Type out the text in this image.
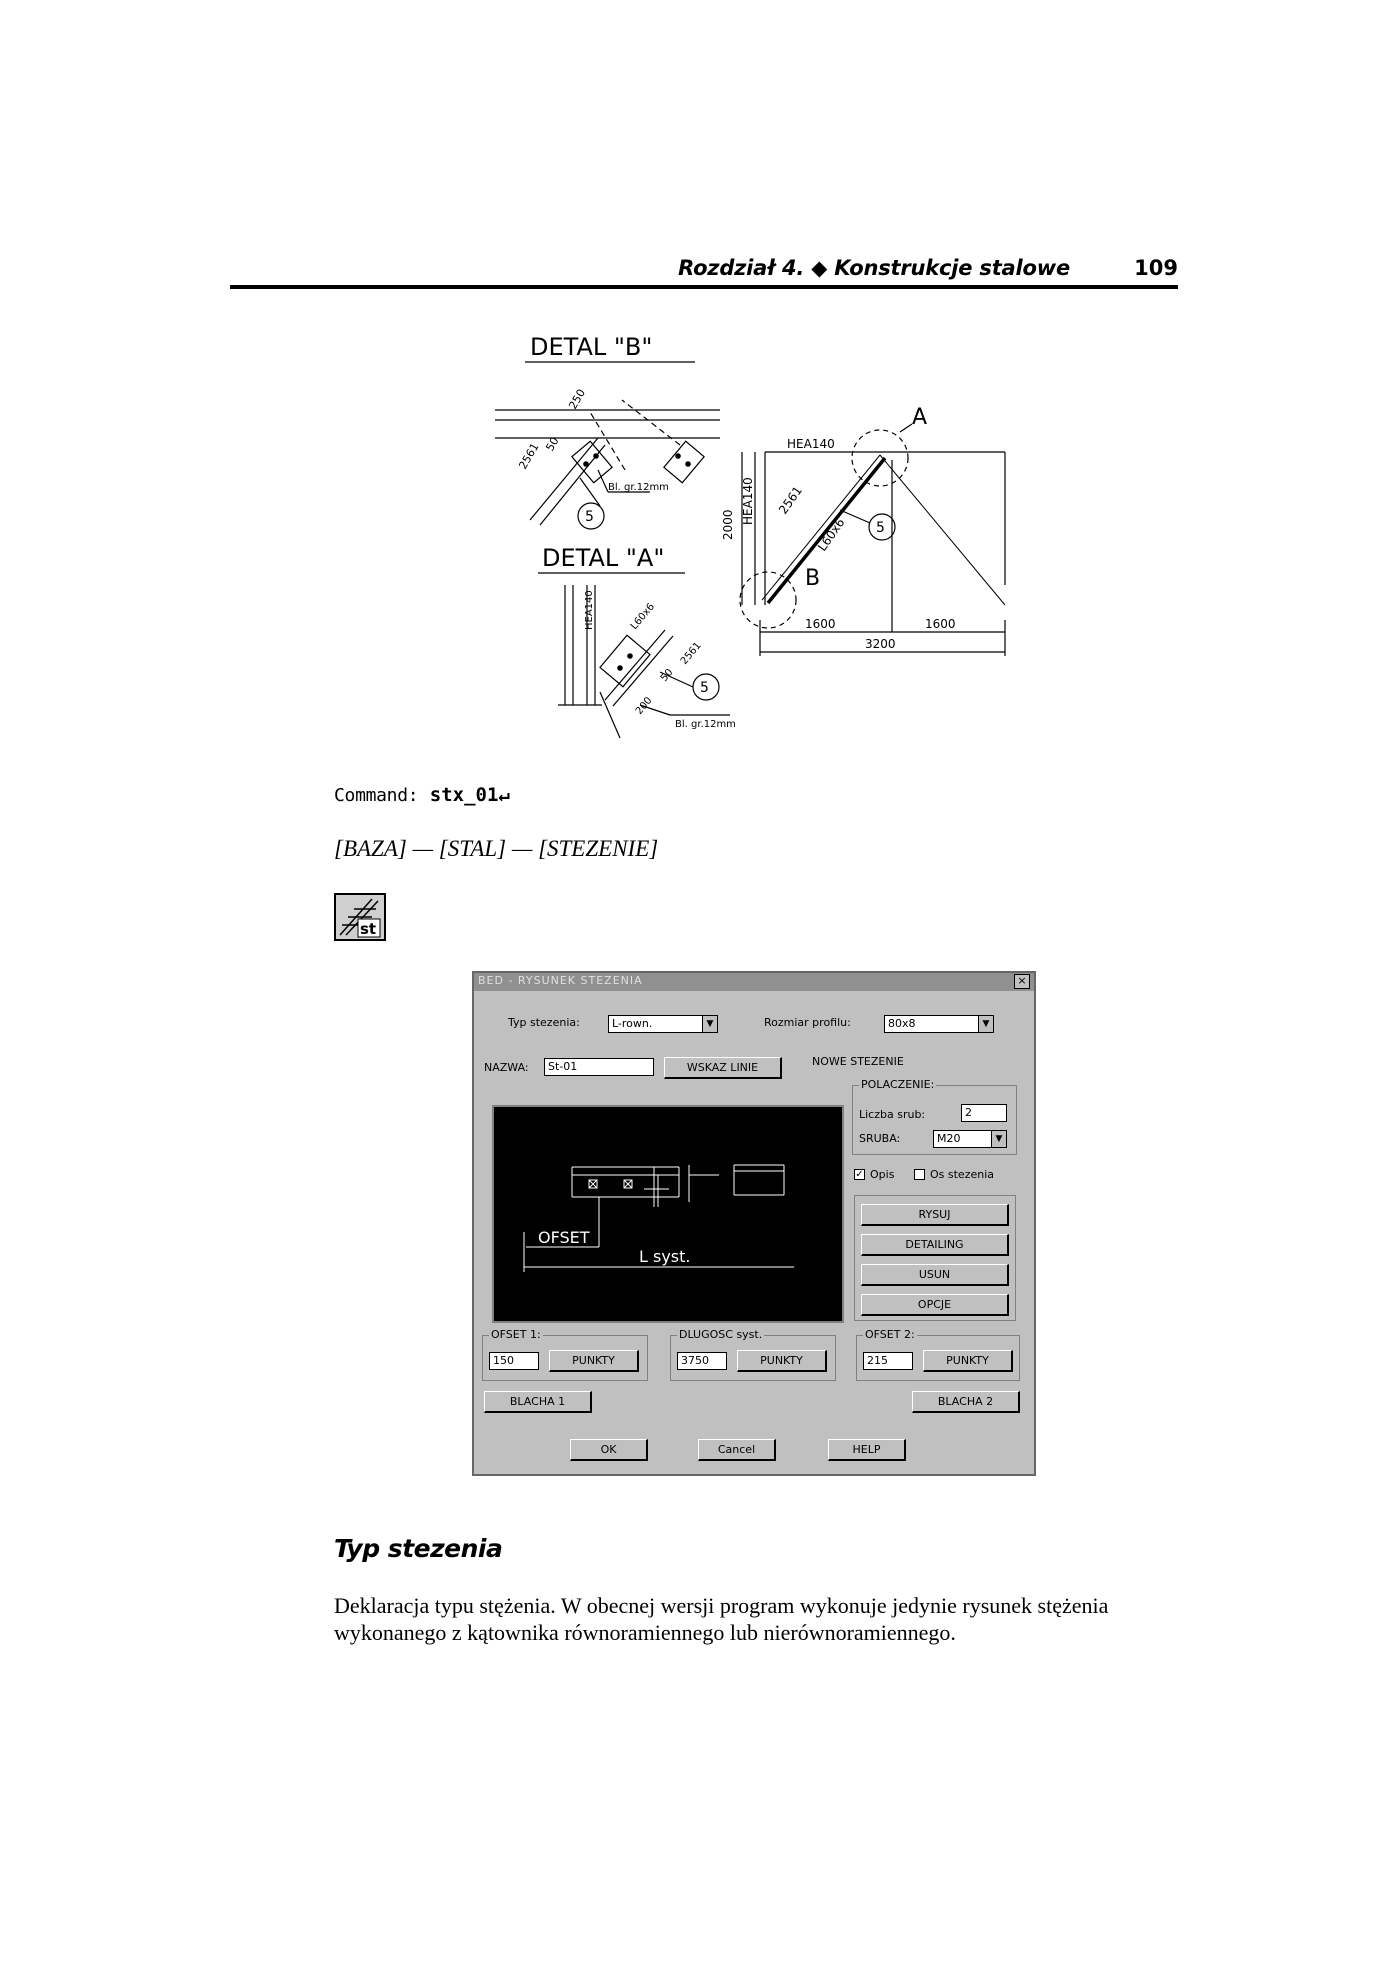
Rozdział 4. ◆ Konstrukcje stalowe	109
DETAL "B"
DETAL "A"
A
B
HEA140
HEA140 2561
L60x6
2000
1600	1600
3200
5
5
5
250
50
2561
Bl. gr.12mm
HEA140	L60x6
2561
50
200
Bl. gr.12mm
Command: stx_01↵
[BAZA] — [STAL] — [STEZENIE]
st
BED - RYSUNEK STEZENIA	×
Typ stezenia:	L-rown.	▼	Rozmiar profilu:	80x8	▼
NAZWA:	St-01	WSKAZ LINIE	NOWE STEZENIE
OFSET
L syst.
POLACZENIE:
Liczba srub:	2
SRUBA:	M20	▼
✓ Opis	Os stezenia
RYSUJ
DETAILING
USUN
OPCJE
OFSET 1:
150	PUNKTY
DLUGOSC syst.
3750	PUNKTY
OFSET 2:
215	PUNKTY
BLACHA 1	BLACHA 2
OK	Cancel	HELP
Typ stezenia
Deklaracja typu stężenia. W obecnej wersji program wykonuje jedynie rysunek stężenia wykonanego z kątownika równoramiennego lub nierównoramiennego.
